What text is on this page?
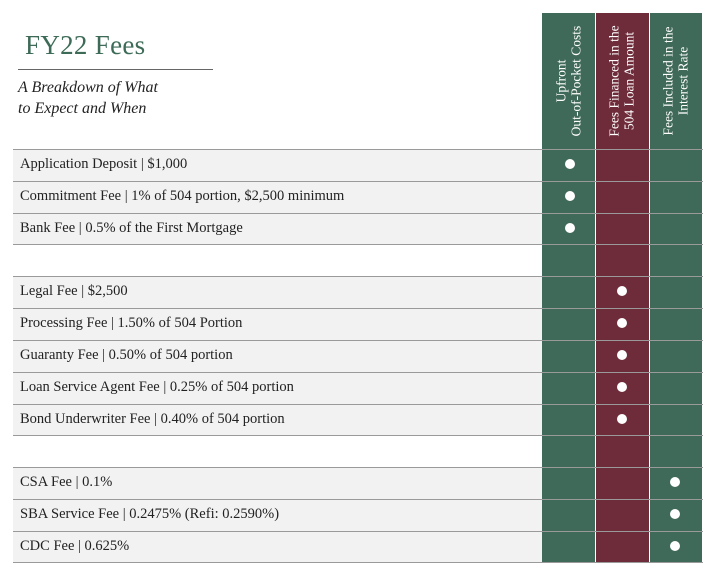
Upfront Out-of-Pocket Costs Fees Financed in the 504 Loan Amount Fees Included in the Interest Rate
FY22 Fees
A Breakdown of What
to Expect and When
Application Deposit | $1,000
Commitment Fee | 1% of 504 portion, $2,500 minimum
Bank Fee | 0.5% of the First Mortgage
Legal Fee | $2,500
Processing Fee | 1.50% of 504 Portion
Guaranty Fee | 0.50% of 504 portion
Loan Service Agent Fee | 0.25% of 504 portion
Bond Underwriter Fee | 0.40% of 504 portion
CSA Fee | 0.1%
SBA Service Fee | 0.2475% (Refi: 0.2590%)
CDC Fee | 0.625%
